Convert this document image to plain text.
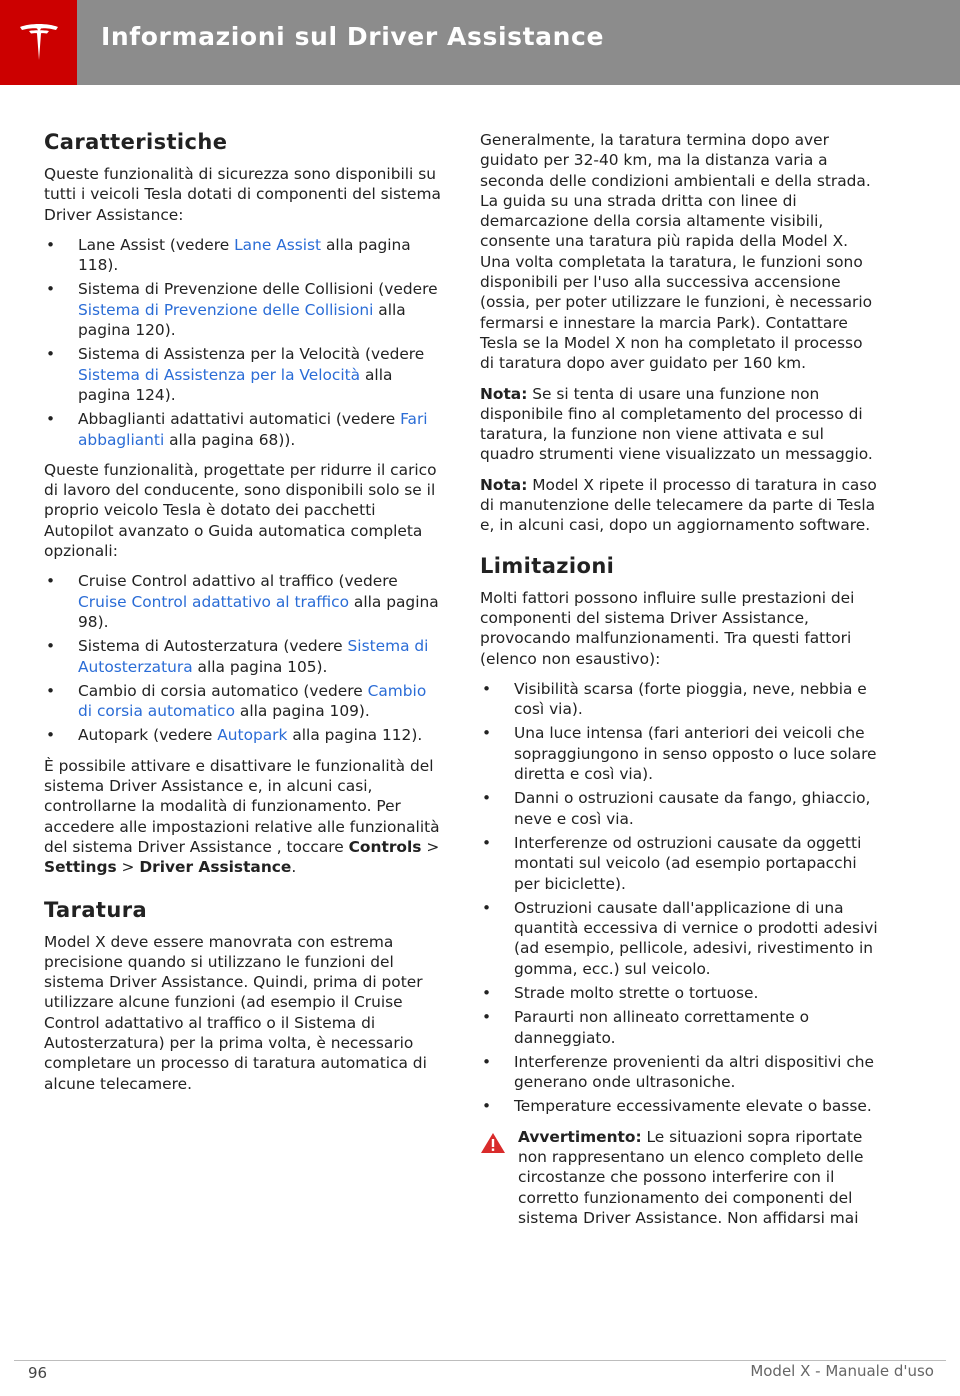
Informazioni sul Driver Assistance
Caratteristiche

Queste funzionalità di sicurezza sono disponibili su tutti i veicoli Tesla dotati di componenti del sistema Driver Assistance:

• Lane Assist (vedere Lane Assist alla pagina 118).
• Sistema di Prevenzione delle Collisioni (vedere Sistema di Prevenzione delle Collisioni alla pagina 120).
• Sistema di Assistenza per la Velocità (vedere Sistema di Assistenza per la Velocità alla pagina 124).
• Abbaglianti adattativi automatici (vedere Fari abbaglianti alla pagina 68)).

Queste funzionalità, progettate per ridurre il carico di lavoro del conducente, sono disponibili solo se il proprio veicolo Tesla è dotato dei pacchetti Autopilot avanzato o Guida automatica completa opzionali:

• Cruise Control adattivo al traffico (vedere Cruise Control adattativo al traffico alla pagina 98).
• Sistema di Autosterzatura (vedere Sistema di Autosterzatura alla pagina 105).
• Cambio di corsia automatico (vedere Cambio di corsia automatico alla pagina 109).
• Autopark (vedere Autopark alla pagina 112).

È possibile attivare e disattivare le funzionalità del sistema Driver Assistance e, in alcuni casi, controllarne la modalità di funzionamento. Per accedere alle impostazioni relative alle funzionalità del sistema Driver Assistance , toccare Controls > Settings > Driver Assistance.

Taratura

Model X deve essere manovrata con estrema precisione quando si utilizzano le funzioni del sistema Driver Assistance. Quindi, prima di poter utilizzare alcune funzioni (ad esempio il Cruise Control adattativo al traffico o il Sistema di Autosterzatura) per la prima volta, è necessario completare un processo di taratura automatica di alcune telecamere.

Generalmente, la taratura termina dopo aver guidato per 32-40 km, ma la distanza varia a seconda delle condizioni ambientali e della strada. La guida su una strada dritta con linee di demarcazione della corsia altamente visibili, consente una taratura più rapida della Model X. Una volta completata la taratura, le funzioni sono disponibili per l'uso alla successiva accensione (ossia, per poter utilizzare le funzioni, è necessario fermarsi e innestare la marcia Park). Contattare Tesla se la Model X non ha completato il processo di taratura dopo aver guidato per 160 km.

Nota: Se si tenta di usare una funzione non disponibile fino al completamento del processo di taratura, la funzione non viene attivata e sul quadro strumenti viene visualizzato un messaggio.

Nota: Model X ripete il processo di taratura in caso di manutenzione delle telecamere da parte di Tesla e, in alcuni casi, dopo un aggiornamento software.

Limitazioni

Molti fattori possono influire sulle prestazioni dei componenti del sistema Driver Assistance, provocando malfunzionamenti. Tra questi fattori (elenco non esaustivo):

• Visibilità scarsa (forte pioggia, neve, nebbia e così via).
• Una luce intensa (fari anteriori dei veicoli che sopraggiungono in senso opposto o luce solare diretta e così via).
• Danni o ostruzioni causate da fango, ghiaccio, neve e così via.
• Interferenze od ostruzioni causate da oggetti montati sul veicolo (ad esempio portapacchi per biciclette).
• Ostruzioni causate dall'applicazione di una quantità eccessiva di vernice o prodotti adesivi (ad esempio, pellicole, adesivi, rivestimento in gomma, ecc.) sul veicolo.
• Strade molto strette o tortuose.
• Paraurti non allineato correttamente o danneggiato.
• Interferenze provenienti da altri dispositivi che generano onde ultrasoniche.
• Temperature eccessivamente elevate o basse.
Avvertimento: Le situazioni sopra riportate non rappresentano un elenco completo delle circostanze che possono interferire con il corretto funzionamento dei componenti del sistema Driver Assistance. Non affidarsi mai
96	Model X - Manuale d'uso
